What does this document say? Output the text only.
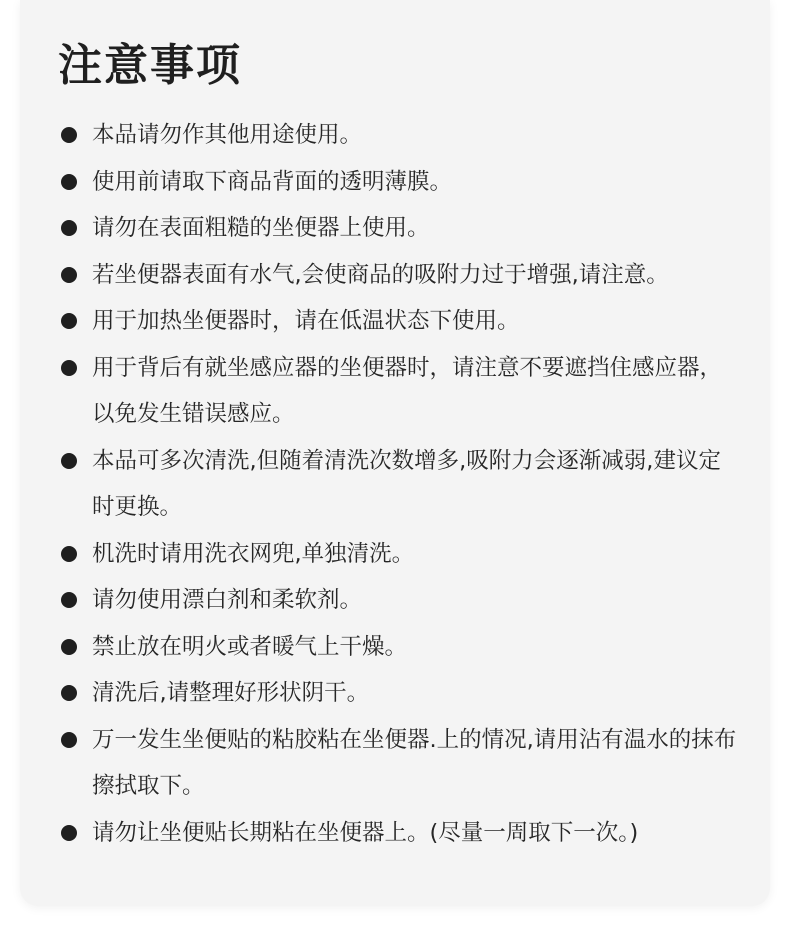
注意事项
本品请勿作其他用途使用。
使用前请取下商品背面的透明薄膜。
请勿在表面粗糙的坐便器上使用。
若坐便器表面有水气,会使商品的吸附力过于增强,请注意。
用于加热坐便器时，请在低温状态下使用。
用于背后有就坐感应器的坐便器时，请注意不要遮挡住感应器，以免发生错误感应。
本品可多次清洗,但随着清洗次数增多,吸附力会逐渐减弱,建议定时更换。
机洗时请用洗衣网兜,单独清洗。
请勿使用漂白剂和柔软剂。
禁止放在明火或者暖气上干燥。
清洗后,请整理好形状阴干。
万一发生坐便贴的粘胶粘在坐便器.上的情况,请用沾有温水的抹布擦拭取下。
请勿让坐便贴长期粘在坐便器上。(尽量一周取下一次。)
